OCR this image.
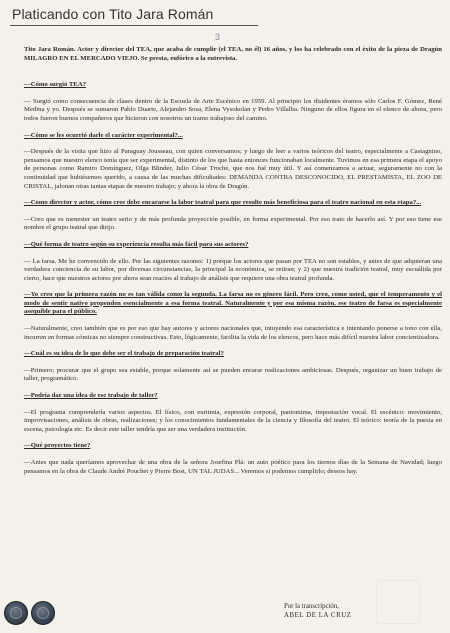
Platicando con Tito Jara Román
3

Tito Jara Román. Actor y director del TEA, que acaba de cumplir (el TEA, no él) 16 años, y los ha celebrado con el éxito de la pieza de Dragún MILAGRO EN EL MERCADO VIEJO. Se presta, eufórico a la entrevista.

—Cómo surgió TEA?

— Surgió como consecuencia de clases dentro de la Escuela de Arte Escénico en 1959. Al principio los disidentes éramos sólo Carlos F. Gómez, René Medina y yo. Después se sumaron Pablo Duarte, Alejandro Sosa, Elena Vysokolan y Pedro Villalba. Ninguno de ellos figura en el elenco de ahora, pero todos fueron buenos compañeros que hicieron con nosotros un tramo trabajoso del camino.

—Cómo se les ocurrió darle el carácter experimental?...

—Después de la visita que hizo al Paraguay Jousseau, con quien conversamos; y luego de leer a varios teóricos del teatro, especialmente a Castagnino, pensamos que nuestro elenco tenía que ser experimental, distinto de los que hasta entonces funcionaban localmente. Tuvimos en esa primera etapa el apoyo de personas como Ramiro Domínguez, Olga Blinder, Julio César Troche, que nos fué muy útil. Y así comenzamos a actuar, seguramente no con la continuidad que hubiésemos querido, a causa de las muchas dificultades: DEMANDA CONTRA DESCONOCIDO, EL PRESTAMISTA, EL ZOO DE CRISTAL, jalonan otras tantas etapas de nuestro trabajo; y ahora la obra de Dragún.

—Como director y actor, cómo cree debe encararse la labor teatral para que resulte más beneficiosa para el teatro nacional en esta etapa?...

—Creo que es menester un teatro serio y de más profunda proyección posible, en forma experimental. Por eso trato de hacerlo así. Y por eso tiene ese nombre el grupo teatral que dirijo.

—Qué forma de teatro según su experiencia resulta más fácil para sus actores?

— La farsa. Me he convencido de ello. Por las siguientes razones: 1) porque los actores que pasan por TEA no son estables, y antes de que adquieran una verdadera conciencia de su labor, por diversas circunstancias, la principal la económica, se retiran; y 2) que nuestra tradición teatral, muy escuálida por cierto, hace que nuestros actores por ahora sean reacios al trabajo de análisis que requiere una obra teatral profunda.

—Yo creo que la primera razón no es tan válida como la segunda. La farsa no es género fácil. Pero creo, como usted, que el temperamento y el modo de sentir nativo propenden esencialmente a esa forma teatral. Naturalmente y por esa misma razón, ese teatro de farsa es especialmente asequible para el público.

—Naturalmente, creo también que es por eso que hay autores y actores nacionales que, intuyendo esa característica e intentando ponerse a tono con ella, incurren en formas cómicas no siempre constructivas. Esto, lógicamente, facilita la vida de los elencos, pero hace más difícil nuestra labor concientizadora.

—Cuál es su idea de lo que debe ser el trabajo de preparación teatral?

—Primero; procurar que el grupo sea estable, porque solamente así se pueden encarar realizaciones ambiciosas. Después, organizar un buen trabajo de taller, programático.

—Podría dar una idea de ese trabajo de taller?

—El programa comprendería varios aspectos. El físico, con euritmia, expresión corporal, pantomima, impostación vocal. El escénico: movimiento, improvisaciones, análisis de obras, realizaciones; y los conocimientos fundamentales de la ciencia y filosofía del teatro. El teórico: teoría de la puesta en escena, psicología etc. Es decir este taller tendría que ser una verdadera institución.

—Qué proyectos tiene?

—Antes que nada queríamos aprovechar de una obra de la señora Josefina Plá: un auto poético para los tiernos días de la Semana de Navidad; luego pensamos en la obra de Claude André Pouchet y Pierre Bost, UN TAL JUDAS... Veremos si podemos cumplirlo; deseos hay.

Por la transcripción,
ABEL DE LA CRUZ
